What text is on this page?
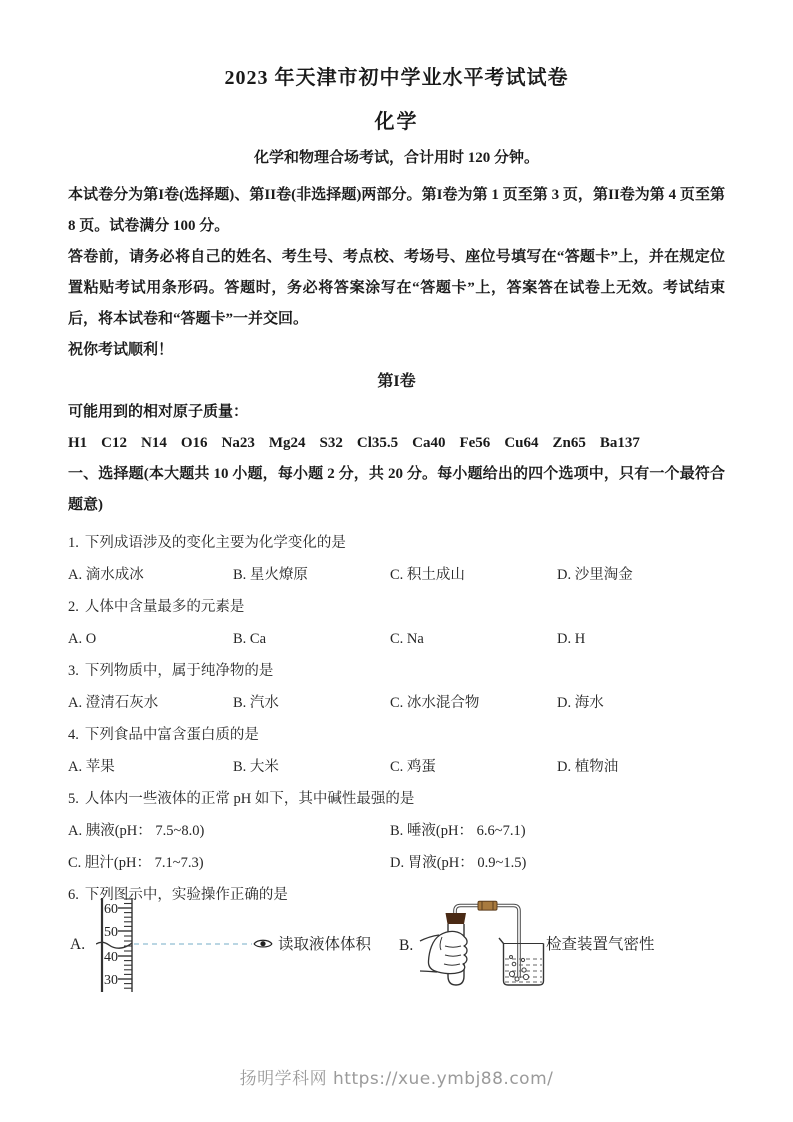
2023 年天津市初中学业水平考试试卷
化学
化学和物理合场考试，合计用时 120 分钟。

本试卷分为第I卷(选择题)、第II卷(非选择题)两部分。第I卷为第 1 页至第 3 页，第II卷为第 4 页至第 8 页。试卷满分 100 分。

答卷前，请务必将自己的姓名、考生号、考点校、考场号、座位号填写在“答题卡”上，并在规定位置粘贴考试用条形码。答题时，务必将答案涂写在“答题卡”上，答案答在试卷上无效。考试结束后，将本试卷和“答题卡”一并交回。

祝你考试顺利！

第I卷
可能用到的相对原子质量：H1 C12 N14 O16 Na23 Mg24 S32 Cl35.5 Ca40 Fe56 Cu64 Zn65 Ba137

一、选择题(本大题共 10 小题，每小题 2 分，共 20 分。每小题给出的四个选项中，只有一个最符合题意)

1. 下列成语涉及的变化主要为化学变化的是
A. 滴水成冰	B. 星火燎原	C. 积土成山	D. 沙里淘金
2. 人体中含量最多的元素是
A. O	B. Ca	C. Na	D. H
3. 下列物质中，属于纯净物的是
A. 澄清石灰水	B. 汽水	C. 冰水混合物	D. 海水
4. 下列食品中富含蛋白质的是
A. 苹果	B. 大米	C. 鸡蛋	D. 植物油
5. 人体内一些液体的正常 pH 如下，其中碱性最强的是
A. 胰液(pH： 7.5~8.0)	B. 唾液(pH： 6.6~7.1)
C. 胆汁(pH： 7.1~7.3)	D. 胃液(pH： 0.9~1.5)
6. 下列图示中，实验操作正确的是
A.
60
50
40
30
读取液体体积 B.	检查装置气密性
扬明学科网 https://xue.ymbj88.com/
